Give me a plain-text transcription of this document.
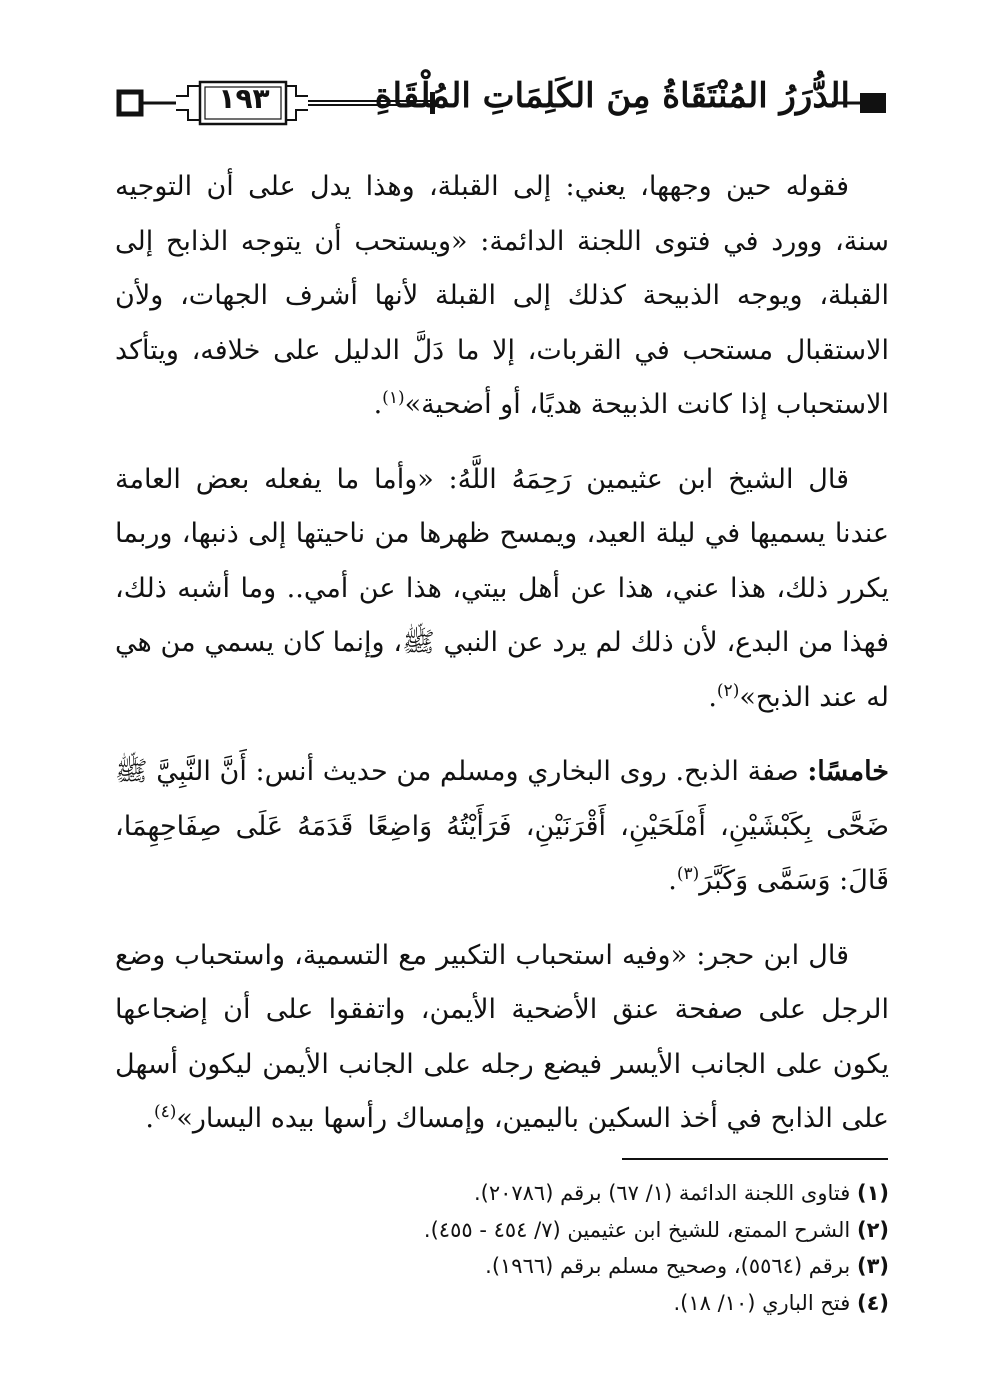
١٩٣	الدُّرَرُ المُنْتَقَاةُ مِنَ الكَلِمَاتِ المُلْقَاةِ

فقوله حين وجهها، يعني: إلى القبلة، وهذا يدل على أن التوجيه سنة، وورد في فتوى اللجنة الدائمة: «ويستحب أن يتوجه الذابح إلى القبلة، ويوجه الذبيحة كذلك إلى القبلة لأنها أشرف الجهات، ولأن الاستقبال مستحب في القربات، إلا ما دَلَّ الدليل على خلافه، ويتأكد الاستحباب إذا كانت الذبيحة هديًا، أو أضحية»$^{(١)}$.

قال الشيخ ابن عثيمين رَحِمَهُ اللَّهُ: «وأما ما يفعله بعض العامة عندنا يسميها في ليلة العيد، ويمسح ظهرها من ناحيتها إلى ذنبها، وربما يكرر ذلك، هذا عني، هذا عن أهل بيتي، هذا عن أمي.. وما أشبه ذلك، فهذا من البدع، لأن ذلك لم يرد عن النبي ﷺ، وإنما كان يسمي من هي له عند الذبح»$^{(٢)}$.

خامسًا: صفة الذبح. روى البخاري ومسلم من حديث أنس: أَنَّ النَّبِيَّ ﷺ ضَحَّى بِكَبْشَيْنِ، أَمْلَحَيْنِ، أَقْرَنَيْنِ، فَرَأَيْتُهُ وَاضِعًا قَدَمَهُ عَلَى صِفَاحِهِمَا، قَالَ: وَسَمَّى وَكَبَّرَ$^{(٣)}$.

قال ابن حجر: «وفيه استحباب التكبير مع التسمية، واستحباب وضع الرجل على صفحة عنق الأضحية الأيمن، واتفقوا على أن إضجاعها يكون على الجانب الأيسر فيضع رجله على الجانب الأيمن ليكون أسهل على الذابح في أخذ السكين باليمين، وإمساك رأسها بيده اليسار»$^{(٤)}$.

(١) فتاوى اللجنة الدائمة (١/ ٦٧) برقم (٢٠٧٨٦).
(٢) الشرح الممتع، للشيخ ابن عثيمين (٧/ ٤٥٤ - ٤٥٥).
(٣) برقم (٥٥٦٤)، وصحيح مسلم برقم (١٩٦٦).
(٤) فتح الباري (١٠/ ١٨).
